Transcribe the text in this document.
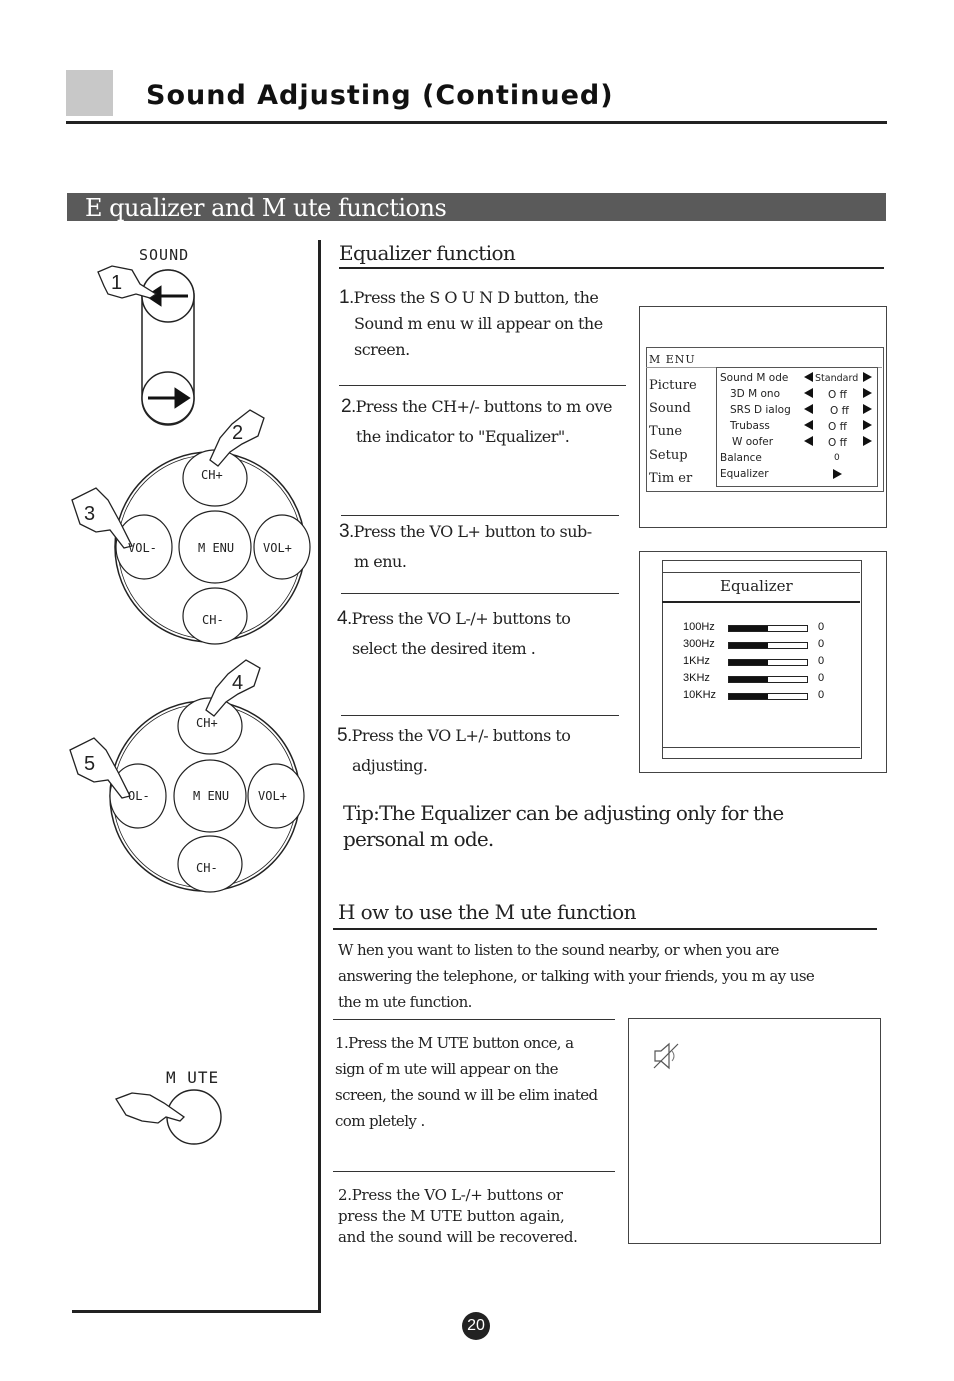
Sound Adjusting (Continued)
E qualizer and M ute functions
SOUND
1
2
3
4
5
CH+
VOL-	M ENU VOL+
CH-
CH+
OL-	M ENU VOL+
CH-
M UTE
Equalizer function
1.Press the S O U N D button, the
Sound m enu w ill appear on the
screen.
2.Press the CH+/- buttons to m ove
the indicator to "Equalizer".
3.Press the VO L+ button to sub-
m enu.
4.Press the VO L-/+ buttons to
select the desired item .
5.Press the VO L+/- buttons to
adjusting.
M ENU
Picture
Sound
Tune
Setup
Tim er
Sound M ode	Standard
3D M ono	O ff
SRS D ialog	O ff
Trubass	O ff
W oofer	O ff
Balance	0
Equalizer
Equalizer
100Hz	0
300Hz	0
1KHz	0
3KHz	0
10KHz	0
Tip:The Equalizer can be adjusting only for the
personal m ode.
H ow to use the M ute function
W hen you want to listen to the sound nearby, or when you are
answering the telephone, or talking with your friends, you m ay use
the m ute function.
1.Press the M UTE button once, a
sign of m ute will appear on the
screen, the sound w ill be elim inated
com pletely .
2.Press the VO L-/+ buttons or
press the M UTE button again,
and the sound will be recovered.
20
